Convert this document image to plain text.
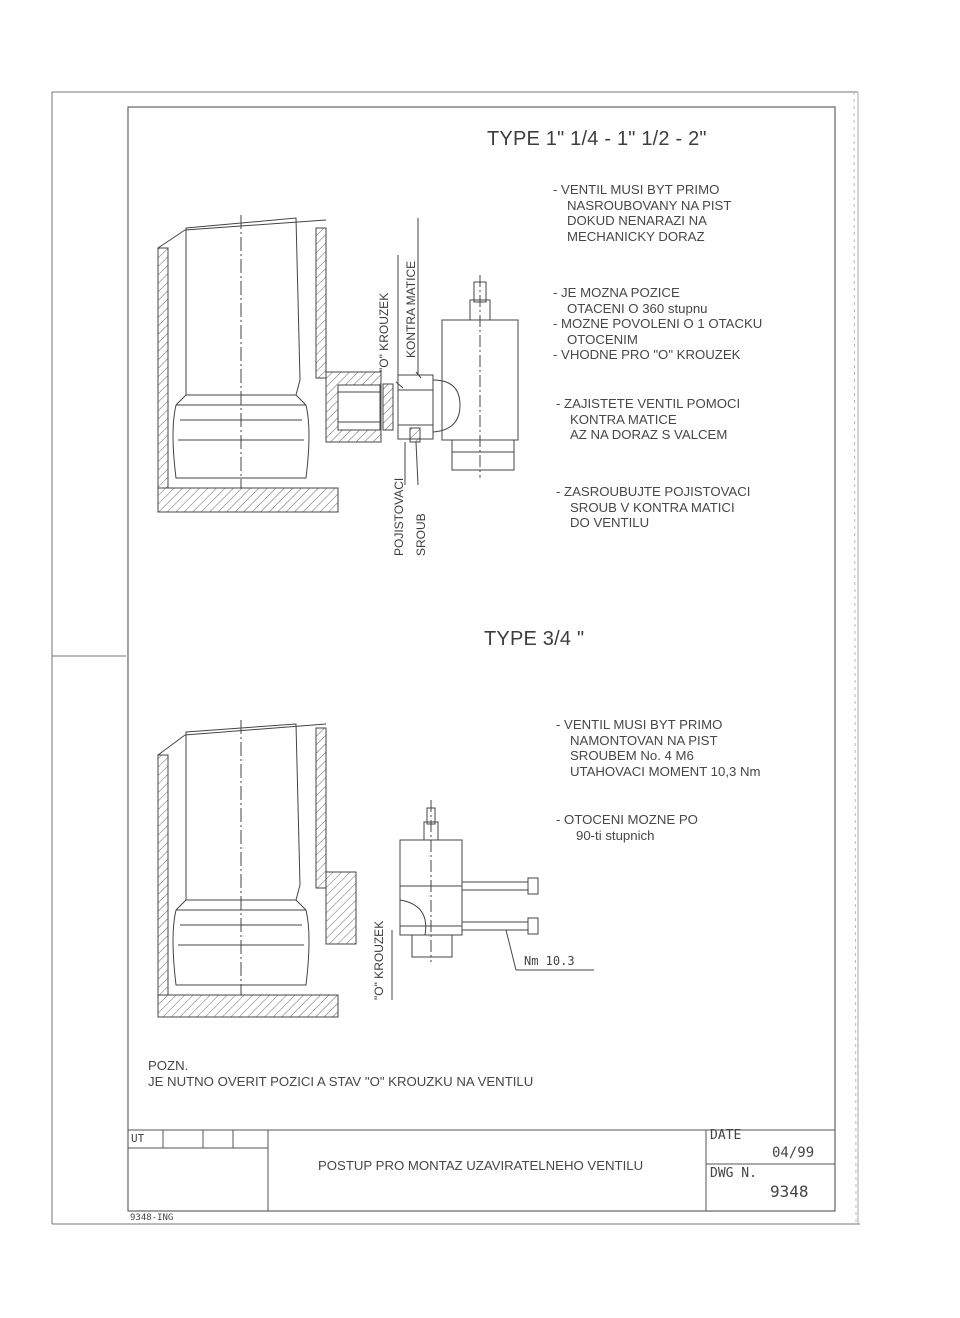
TYPE 1" 1/4 - 1" 1/2 - 2"
- VENTIL MUSI BYT PRIMO
NASROUBOVANY NA PIST
DOKUD NENARAZI NA
MECHANICKY DORAZ
- JE MOZNA POZICE
OTACENI O 360 stupnu
- MOZNE POVOLENI O 1 OTACKU
OTOCENIM
- VHODNE PRO "O" KROUZEK
- ZAJISTETE VENTIL POMOCI
KONTRA MATICE
AZ NA DORAZ S VALCEM
- ZASROUBUJTE POJISTOVACI
SROUB V KONTRA MATICI
DO VENTILU
"O" KROUZEK KONTRA MATICE
POJISTOVACI SROUB
TYPE 3/4 "
- VENTIL MUSI BYT PRIMO
NAMONTOVAN NA PIST
SROUBEM No. 4 M6
UTAHOVACI MOMENT 10,3 Nm
- OTOCENI MOZNE PO
90-ti stupnich
"O" KROUZEK	Nm 10.3
POZN.
JE NUTNO OVERIT POZICI A STAV "O" KROUZKU NA VENTILU
UT
POSTUP PRO MONTAZ UZAVIRATELNEHO VENTILU
DATE
04/99
DWG N.
9348
9348-ING
